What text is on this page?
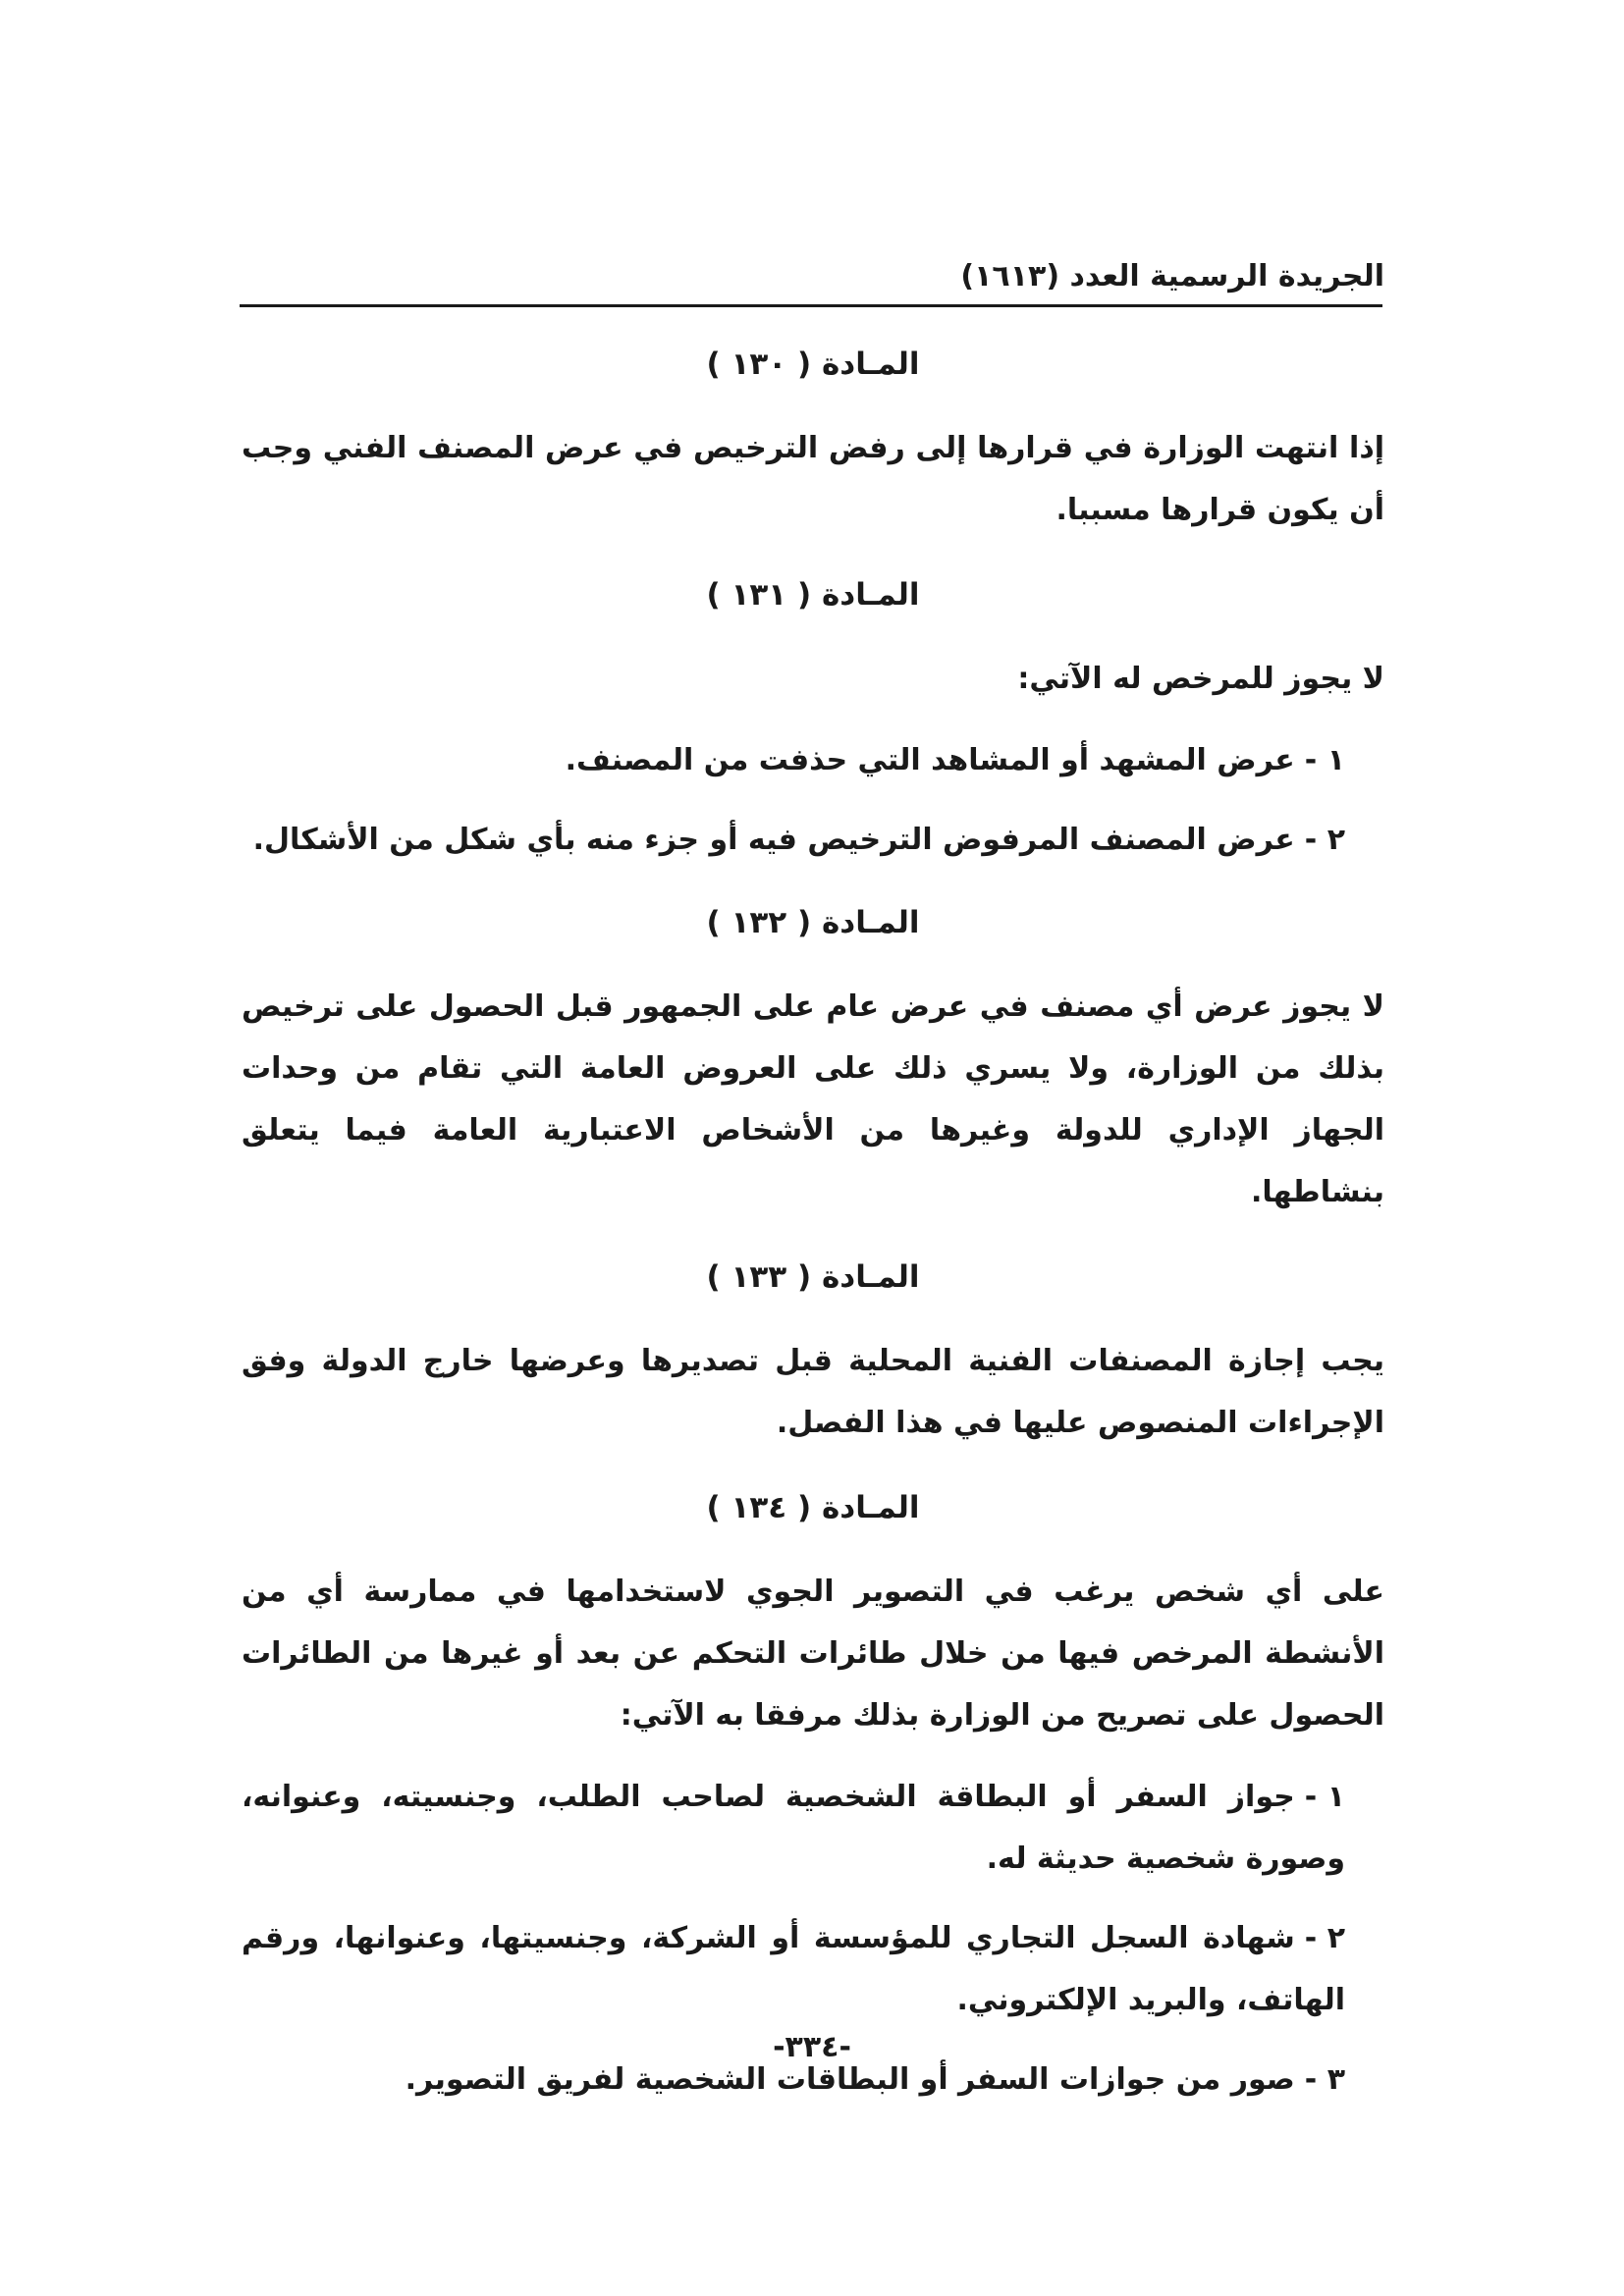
الجريدة الرسمية العدد (١٦١٣)

المـادة ( ١٣٠ )

إذا انتهت الوزارة في قرارها إلى رفض الترخيص في عرض المصنف الفني وجب أن يكون قرارها مسببا.

المـادة ( ١٣١ )

لا يجوز للمرخص له الآتي:

١ -عرض المشهد أو المشاهد التي حذفت من المصنف.

٢ -عرض المصنف المرفوض الترخيص فيه أو جزء منه بأي شكل من الأشكال.

المـادة ( ١٣٢ )

لا يجوز عرض أي مصنف في عرض عام على الجمهور قبل الحصول على ترخيص بذلك من الوزارة، ولا يسري ذلك على العروض العامة التي تقام من وحدات الجهاز الإداري للدولة وغيرها من الأشخاص الاعتبارية العامة فيما يتعلق بنشاطها.

المـادة ( ١٣٣ )

يجب إجازة المصنفات الفنية المحلية قبل تصديرها وعرضها خارج الدولة وفق الإجراءات المنصوص عليها في هذا الفصل.

المـادة ( ١٣٤ )

على أي شخص يرغب في التصوير الجوي لاستخدامها في ممارسة أي من الأنشطة المرخص فيها من خلال طائرات التحكم عن بعد أو غيرها من الطائرات الحصول على تصريح من الوزارة بذلك مرفقا به الآتي:

١ -جواز السفر أو البطاقة الشخصية لصاحب الطلب، وجنسيته، وعنوانه، وصورة شخصية حديثة له.

٢ -شهادة السجل التجاري للمؤسسة أو الشركة، وجنسيتها، وعنوانها، ورقم الهاتف، والبريد الإلكتروني.

٣ -صور من جوازات السفر أو البطاقات الشخصية لفريق التصوير.

-٣٣٤-
